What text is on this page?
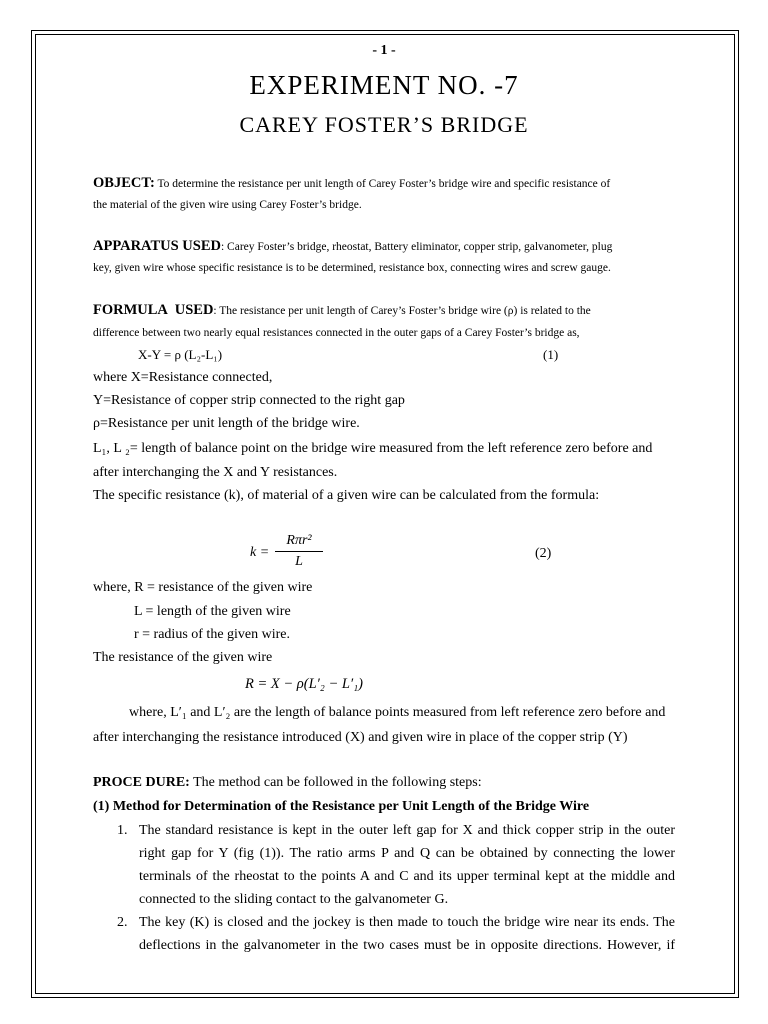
- 1 -
EXPERIMENT NO. -7
CAREY FOSTER’S BRIDGE
OBJECT: To determine the resistance per unit length of Carey Foster’s bridge wire and specific resistance of
the material of the given wire using Carey Foster’s bridge.
APPARATUS USED: Carey Foster’s bridge, rheostat, Battery eliminator, copper strip, galvanometer, plug
key, given wire whose specific resistance is to be determined, resistance box, connecting wires and screw gauge.
FORMULA USED: The resistance per unit length of Carey’s Foster’s bridge wire (ρ) is related to the
difference between two nearly equal resistances connected in the outer gaps of a Carey Foster’s bridge as,
X-Y = ρ (L₂-L₁)	(1)
where X=Resistance connected,
Y=Resistance of copper strip connected to the right gap
ρ=Resistance per unit length of the bridge wire.
L₁, L ₂= length of balance point on the bridge wire measured from the left reference zero before and
after interchanging the X and Y resistances.
The specific resistance (k), of material of a given wire can be calculated from the formula:
k =
Rπr²
L
(2)
where, R = resistance of the given wire
L = length of the given wire
r = radius of the given wire.
The resistance of the given wire
R = X − ρ(L′₂ − L′₁)
where, L′₁ and L′₂ are the length of balance points measured from left reference zero before and
after interchanging the resistance introduced (X) and given wire in place of the copper strip (Y)
PROCE DURE: The method can be followed in the following steps:
(1) Method for Determination of the Resistance per Unit Length of the Bridge Wire
1. The standard resistance is kept in the outer left gap for X and thick copper strip in the outer
right gap for Y (fig (1)). The ratio arms P and Q can be obtained by connecting the lower
terminals of the rheostat to the points A and C and its upper terminal kept at the middle and
connected to the sliding contact to the galvanometer G.
2. The key (K) is closed and the jockey is then made to touch the bridge wire near its ends. The
deflections in the galvanometer in the two cases must be in opposite directions. However, if
